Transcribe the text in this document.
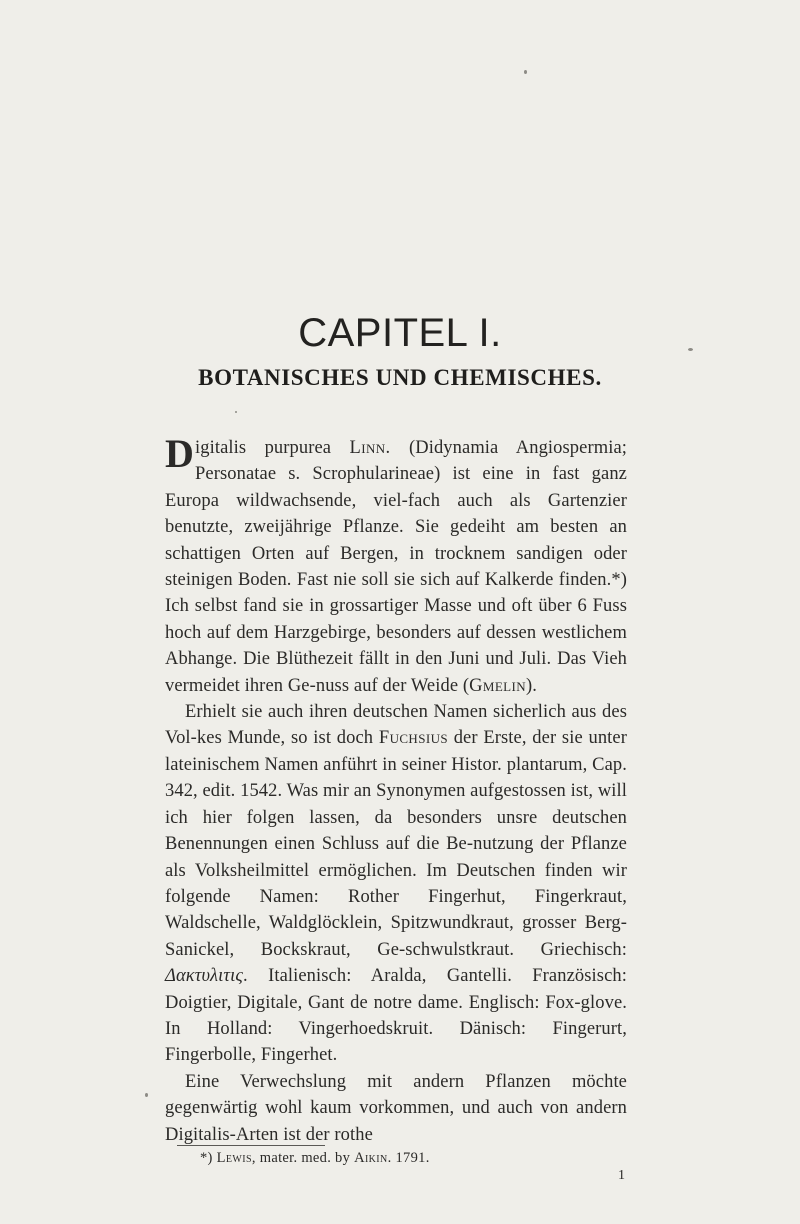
CAPITEL I.
BOTANISCHES UND CHEMISCHES.

Digitalis purpurea Linn. (Didynamia Angiospermia; Personatae s. Scrophularineae) ist eine in fast ganz Europa wildwachsende, viel-fach auch als Gartenzier benutzte, zweijährige Pflanze. Sie gedeiht am besten an schattigen Orten auf Bergen, in trocknem sandigen oder steinigen Boden. Fast nie soll sie sich auf Kalkerde finden.*) Ich selbst fand sie in grossartiger Masse und oft über 6 Fuss hoch auf dem Harzgebirge, besonders auf dessen westlichem Abhange. Die Blüthezeit fällt in den Juni und Juli. Das Vieh vermeidet ihren Ge-nuss auf der Weide (Gmelin).

Erhielt sie auch ihren deutschen Namen sicherlich aus des Vol-kes Munde, so ist doch Fuchsius der Erste, der sie unter lateinischem Namen anführt in seiner Histor. plantarum, Cap. 342, edit. 1542. Was mir an Synonymen aufgestossen ist, will ich hier folgen lassen, da besonders unsre deutschen Benennungen einen Schluss auf die Be-nutzung der Pflanze als Volksheilmittel ermöglichen. Im Deutschen finden wir folgende Namen: Rother Fingerhut, Fingerkraut, Waldschelle, Waldglöcklein, Spitzwundkraut, grosser Berg-Sanickel, Bockskraut, Ge-schwulstkraut. Griechisch: Δακτυλιτις. Italienisch: Aralda, Gantelli. Französisch: Doigtier, Digitale, Gant de notre dame. Englisch: Fox-glove. In Holland: Vingerhoedskruit. Dänisch: Fingerurt, Fingerbolle, Fingerhet.

Eine Verwechslung mit andern Pflanzen möchte gegenwärtig wohl kaum vorkommen, und auch von andern Digitalis-Arten ist der rothe

*) Lewis, mater. med. by Aikin. 1791.
1
